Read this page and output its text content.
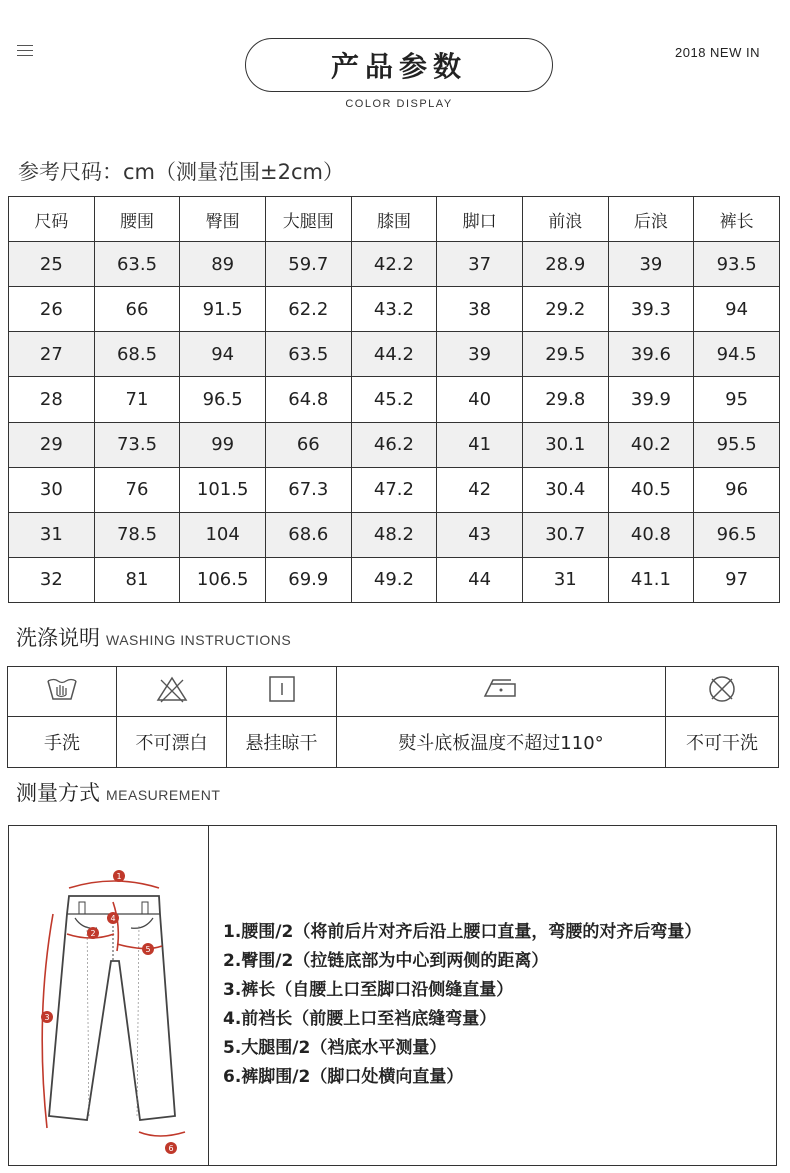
产品参数
COLOR DISPLAY
2018 NEW IN
参考尺码：cm（测量范围±2cm）
尺码	腰围	臀围	大腿围	膝围	脚口	前浪	后浪	裤长
25	63.5	89	59.7	42.2	37	28.9	39	93.5
26	66	91.5	62.2	43.2	38	29.2	39.3	94
27	68.5	94	63.5	44.2	39	29.5	39.6	94.5
28	71	96.5	64.8	45.2	40	29.8	39.9	95
29	73.5	99	66	46.2	41	30.1	40.2	95.5
30	76	101.5	67.3	47.2	42	30.4	40.5	96
31	78.5	104	68.6	48.2	43	30.7	40.8	96.5
32	81	106.5	69.9	49.2	44	31	41.1	97
洗涤说明 WASHING INSTRUCTIONS

手洗	不可漂白	悬挂晾干	熨斗底板温度不超过110°	不可干洗
测量方式 MEASUREMENT
1
2
3
4
5
6
1.腰围/2（将前后片对齐后沿上腰口直量，弯腰的对齐后弯量）
2.臀围/2（拉链底部为中心到两侧的距离）
3.裤长（自腰上口至脚口沿侧缝直量）
4.前裆长（前腰上口至裆底缝弯量）
5.大腿围/2（裆底水平测量）
6.裤脚围/2（脚口处横向直量）
